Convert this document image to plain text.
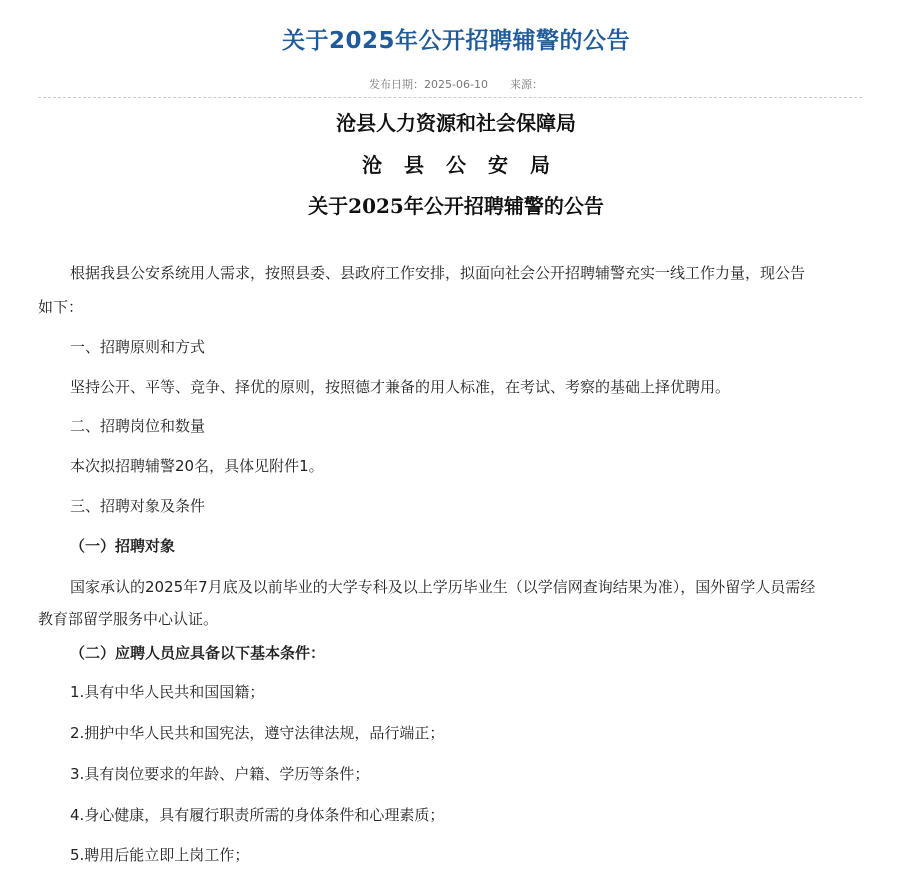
关于2025年公开招聘辅警的公告
发布日期：2025-06-10 来源：
沧县人力资源和社会保障局
沧县公安局
关于2025年公开招聘辅警的公告
根据我县公安系统用人需求，按照县委、县政府工作安排，拟面向社会公开招聘辅警充实一线工作力量，现公告
如下：
一、招聘原则和方式
坚持公开、平等、竞争、择优的原则，按照德才兼备的用人标准，在考试、考察的基础上择优聘用。
二、招聘岗位和数量
本次拟招聘辅警20名，具体见附件1。
三、招聘对象及条件
（一）招聘对象
国家承认的2025年7月底及以前毕业的大学专科及以上学历毕业生（以学信网查询结果为准），国外留学人员需经
教育部留学服务中心认证。
（二）应聘人员应具备以下基本条件：
1.具有中华人民共和国国籍；
2.拥护中华人民共和国宪法，遵守法律法规，品行端正；
3.具有岗位要求的年龄、户籍、学历等条件；
4.身心健康，具有履行职责所需的身体条件和心理素质；
5.聘用后能立即上岗工作；
